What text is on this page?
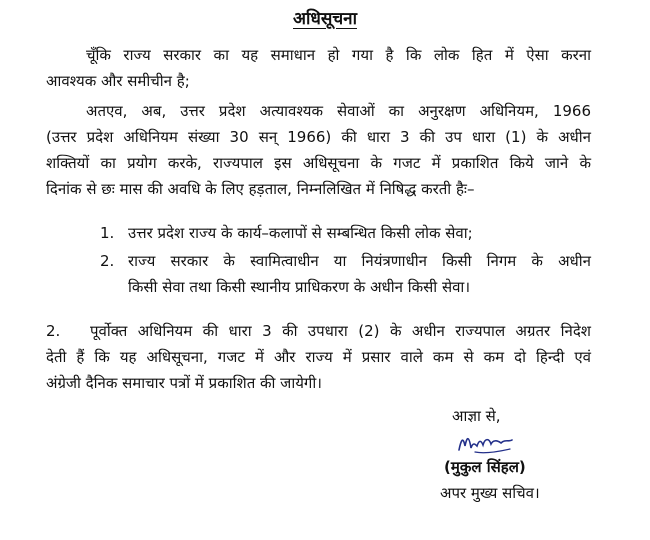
अधिसूचना
चूँकि राज्य सरकार का यह समाधान हो गया है कि लोक हित में ऐसा करना
आवश्यक और समीचीन है;
अतएव, अब, उत्तर प्रदेश अत्यावश्यक सेवाओं का अनुरक्षण अधिनियम, 1966
(उत्तर प्रदेश अधिनियम संख्या 30 सन् 1966) की धारा 3 की उप धारा (1) के अधीन
शक्तियों का प्रयोग करके, राज्यपाल इस अधिसूचना के गजट में प्रकाशित किये जाने के
दिनांक से छः मास की अवधि के लिए हड़ताल, निम्नलिखित में निषिद्ध करती हैः–
1. उत्तर प्रदेश राज्य के कार्य–कलापों से सम्बन्धित किसी लोक सेवा;
2. राज्य सरकार के स्वामित्वाधीन या नियंत्रणाधीन किसी निगम के अधीन
किसी सेवा तथा किसी स्थानीय प्राधिकरण के अधीन किसी सेवा।
2. पूर्वोक्त अधिनियम की धारा 3 की उपधारा (2) के अधीन राज्यपाल अग्रतर निदेश
देती हैं कि यह अधिसूचना, गजट में और राज्य में प्रसार वाले कम से कम दो हिन्दी एवं
अंग्रेजी दैनिक समाचार पत्रों में प्रकाशित की जायेगी।
आज्ञा से,
(मुकुल सिंहल)
अपर मुख्य सचिव।
